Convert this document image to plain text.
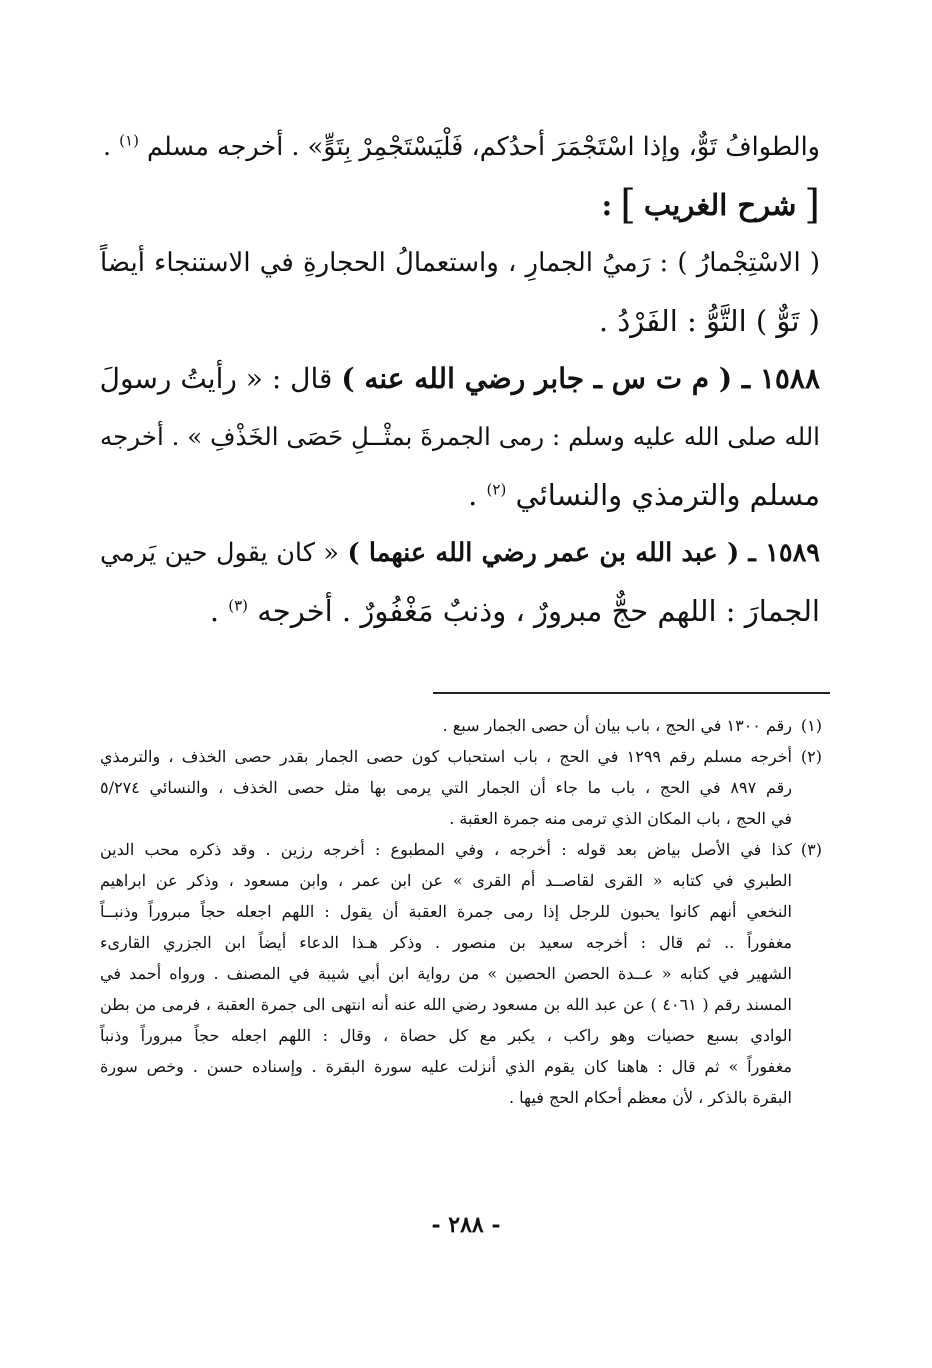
والطوافُ تَوٌّ، وإذا اسْتَجْمَرَ أحدُكم، فَلْيَسْتَجْمِرْ بِتَوٍّ» . أخرجه مسلم $^{(١)}$ .
[
شرح الغريب
]
:
( الاسْتِجْمارُ ) : رَميُ الجمارِ ، واستعمالُ الحجارةِ في الاستنجاء أيضاً
( تَوٌّ ) التَّوُّ : الفَرْدُ .
١٥٨٨ ـ ( م ت س ـ جابر رضي الله عنه ) قال : « رأيتُ رسولَ
الله صلى الله عليه وسلم : رمى الجمرةَ بمثْــلِ حَصَى الخَذْفِ » . أخرجه
مسلم والترمذي والنسائي $^{(٢)}$ .
١٥٨٩ ـ ( عبد الله بن عمر رضي الله عنهما ) « كان يقول حين يَرمي
الجمارَ : اللهم حجٌّ مبرورٌ ، وذنبٌ مَغْفُورٌ . أخرجه $^{(٣)}$ .
(١)
رقم ١٣٠٠ في الحج ، باب بيان أن حصى الجمار سبع .
(٢)
أخرجه مسلم رقم ١٢٩٩ في الحج ، باب استحباب كون حصى الجمار بقدر حصى الخذف ، والترمذي
رقم ٨٩٧ في الحج ، باب ما جاء أن الجمار التي يرمى بها مثل حصى الخذف ، والنسائي ٥/٢٧٤
في الحج ، باب المكان الذي ترمى منه جمرة العقبة .
(٣)
كذا في الأصل بياض بعد قوله : أخرجه ، وفي المطبوع : أخرجه رزين . وقد ذكره محب الدين
الطبري في كتابه « القرى لقاصــد أم القرى » عن ابن عمر ، وابن مسعود ، وذكر عن ابراهيم
النخعي أنهم كانوا يحبون للرجل إذا رمى جمرة العقبة أن يقول : اللهم اجعله حجاً مبروراً وذنبــاً
مغفوراً .. ثم قال : أخرجه سعيد بن منصور . وذكر هـذا الدعاء أيضاً ابن الجزري القارىء
الشهير في كتابه « عــدة الحصن الحصين » من رواية ابن أبي شيبة في المصنف . ورواه أحمد في
المسند رقم ( ٤٠٦١ ) عن عبد الله بن مسعود رضي الله عنه أنه انتهى الى جمرة العقبة ، فرمى من بطن
الوادي بسبع حصيات وهو راكب ، يكبر مع كل حصاة ، وقال : اللهم اجعله حجاً مبروراً وذنباً
مغفوراً » ثم قال : هاهنا كان يقوم الذي أنزلت عليه سورة البقرة . وإسناده حسن . وخص سورة
البقرة بالذكر ، لأن معظم أحكام الحج فيها .
- ٢٨٨ -
